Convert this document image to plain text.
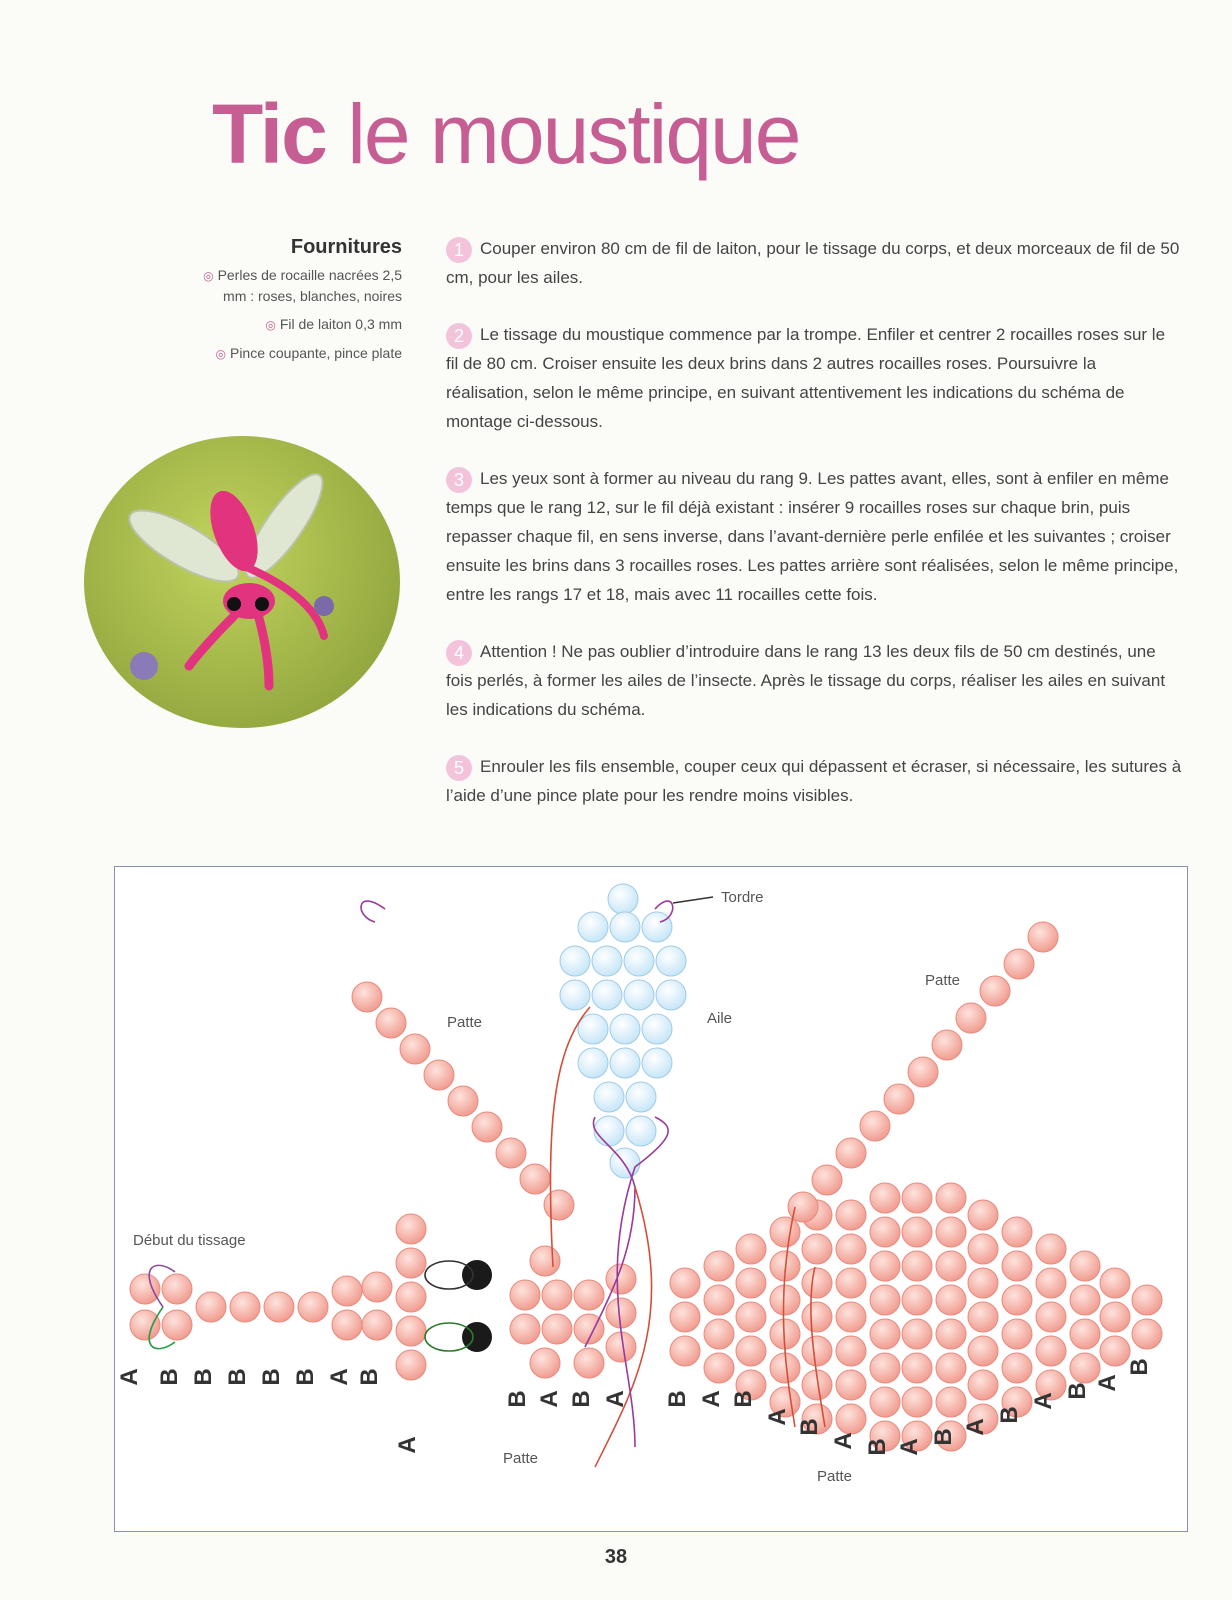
Tic le moustique
Fournitures
◎ Perles de rocaille nacrées 2,5 mm : roses, blanches, noires
◎ Fil de laiton 0,3 mm
◎ Pince coupante, pince plate
1 Couper environ 80 cm de fil de laiton, pour le tissage du corps, et deux morceaux de fil de 50 cm, pour les ailes.
2 Le tissage du moustique commence par la trompe. Enfiler et centrer 2 rocailles roses sur le fil de 80 cm. Croiser ensuite les deux brins dans 2 autres rocailles roses. Poursuivre la réalisation, selon le même principe, en suivant attentivement les indications du schéma de montage ci-dessous.
3 Les yeux sont à former au niveau du rang 9. Les pattes avant, elles, sont à enfiler en même temps que le rang 12, sur le fil déjà existant : insérer 9 rocailles roses sur chaque brin, puis repasser chaque fil, en sens inverse, dans l’avant-dernière perle enfilée et les suivantes ; croiser ensuite les brins dans 3 rocailles roses. Les pattes arrière sont réalisées, selon le même principe, entre les rangs 17 et 18, mais avec 11 rocailles cette fois.
4 Attention ! Ne pas oublier d’introduire dans le rang 13 les deux fils de 50 cm destinés, une fois perlés, à former les ailes de l’insecte. Après le tissage du corps, réaliser les ailes en suivant les indications du schéma.
5 Enrouler les fils ensemble, couper ceux qui dépassent et écraser, si nécessaire, les sutures à l’aide d’une pince plate pour les rendre moins visibles.
Début du tissage
Tordre
Aile
Patte
Patte
Patte
Patte
A B B B B B A B
A
B A B A B A B
A
B
A B A
B
A
B
A
B A
B
38
